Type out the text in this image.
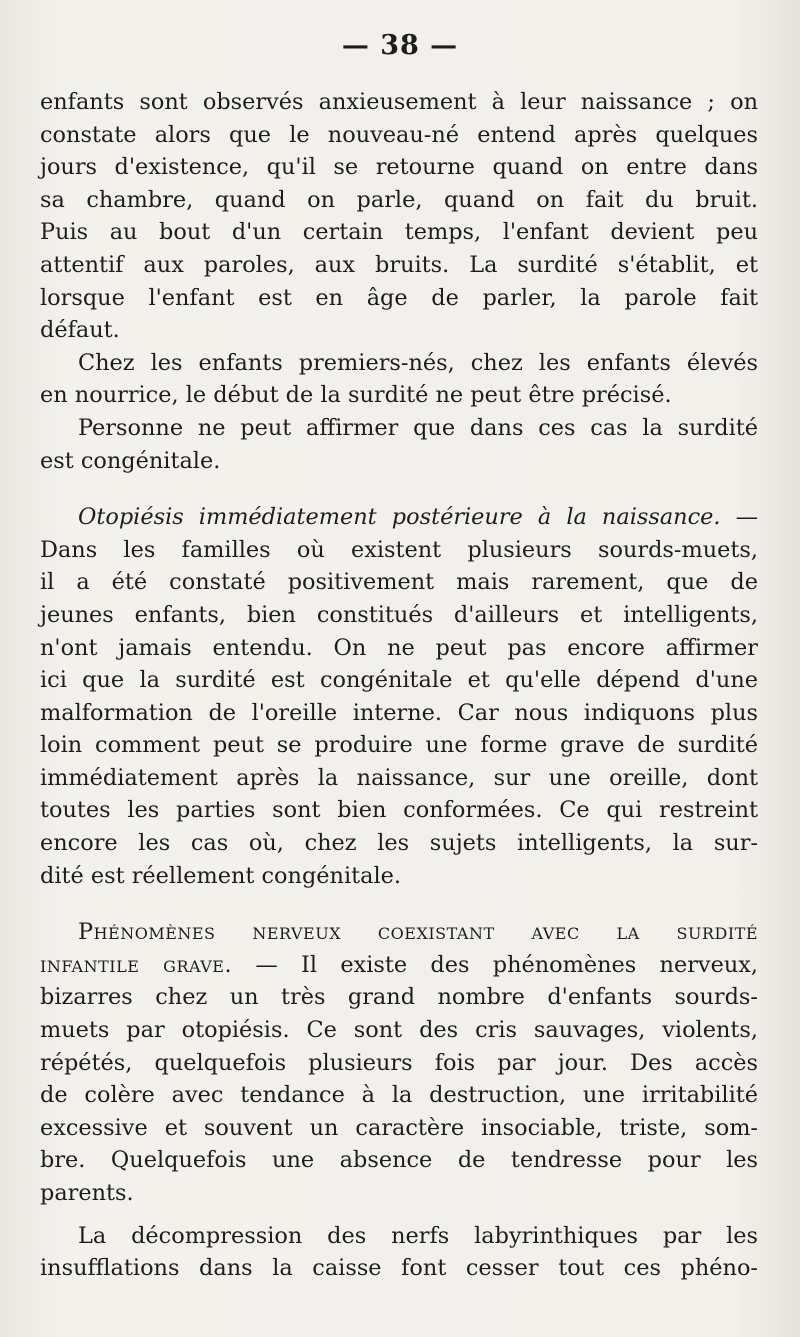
— 38 —
enfants sont observés anxieusement à leur naissance ; on
constate alors que le nouveau-né entend après quelques
jours d'existence, qu'il se retourne quand on entre dans
sa chambre, quand on parle, quand on fait du bruit.
Puis au bout d'un certain temps, l'enfant devient peu
attentif aux paroles, aux bruits. La surdité s'établit, et
lorsque l'enfant est en âge de parler, la parole fait
défaut.
Chez les enfants premiers-nés, chez les enfants élevés
en nourrice, le début de la surdité ne peut être précisé.
Personne ne peut affirmer que dans ces cas la surdité
est congénitale.
Otopiésis immédiatement postérieure à la naissance. —
Dans les familles où existent plusieurs sourds-muets,
il a été constaté positivement mais rarement, que de
jeunes enfants, bien constitués d'ailleurs et intelligents,
n'ont jamais entendu. On ne peut pas encore affirmer
ici que la surdité est congénitale et qu'elle dépend d'une
malformation de l'oreille interne. Car nous indiquons plus
loin comment peut se produire une forme grave de surdité
immédiatement après la naissance, sur une oreille, dont
toutes les parties sont bien conformées. Ce qui restreint
encore les cas où, chez les sujets intelligents, la sur-
dité est réellement congénitale.
Phénomènes nerveux coexistant avec la surdité
infantile grave. — Il existe des phénomènes nerveux,
bizarres chez un très grand nombre d'enfants sourds-
muets par otopiésis. Ce sont des cris sauvages, violents,
répétés, quelquefois plusieurs fois par jour. Des accès
de colère avec tendance à la destruction, une irritabilité
excessive et souvent un caractère insociable, triste, som-
bre. Quelquefois une absence de tendresse pour les
parents.
La décompression des nerfs labyrinthiques par les
insufflations dans la caisse font cesser tout ces phéno-
